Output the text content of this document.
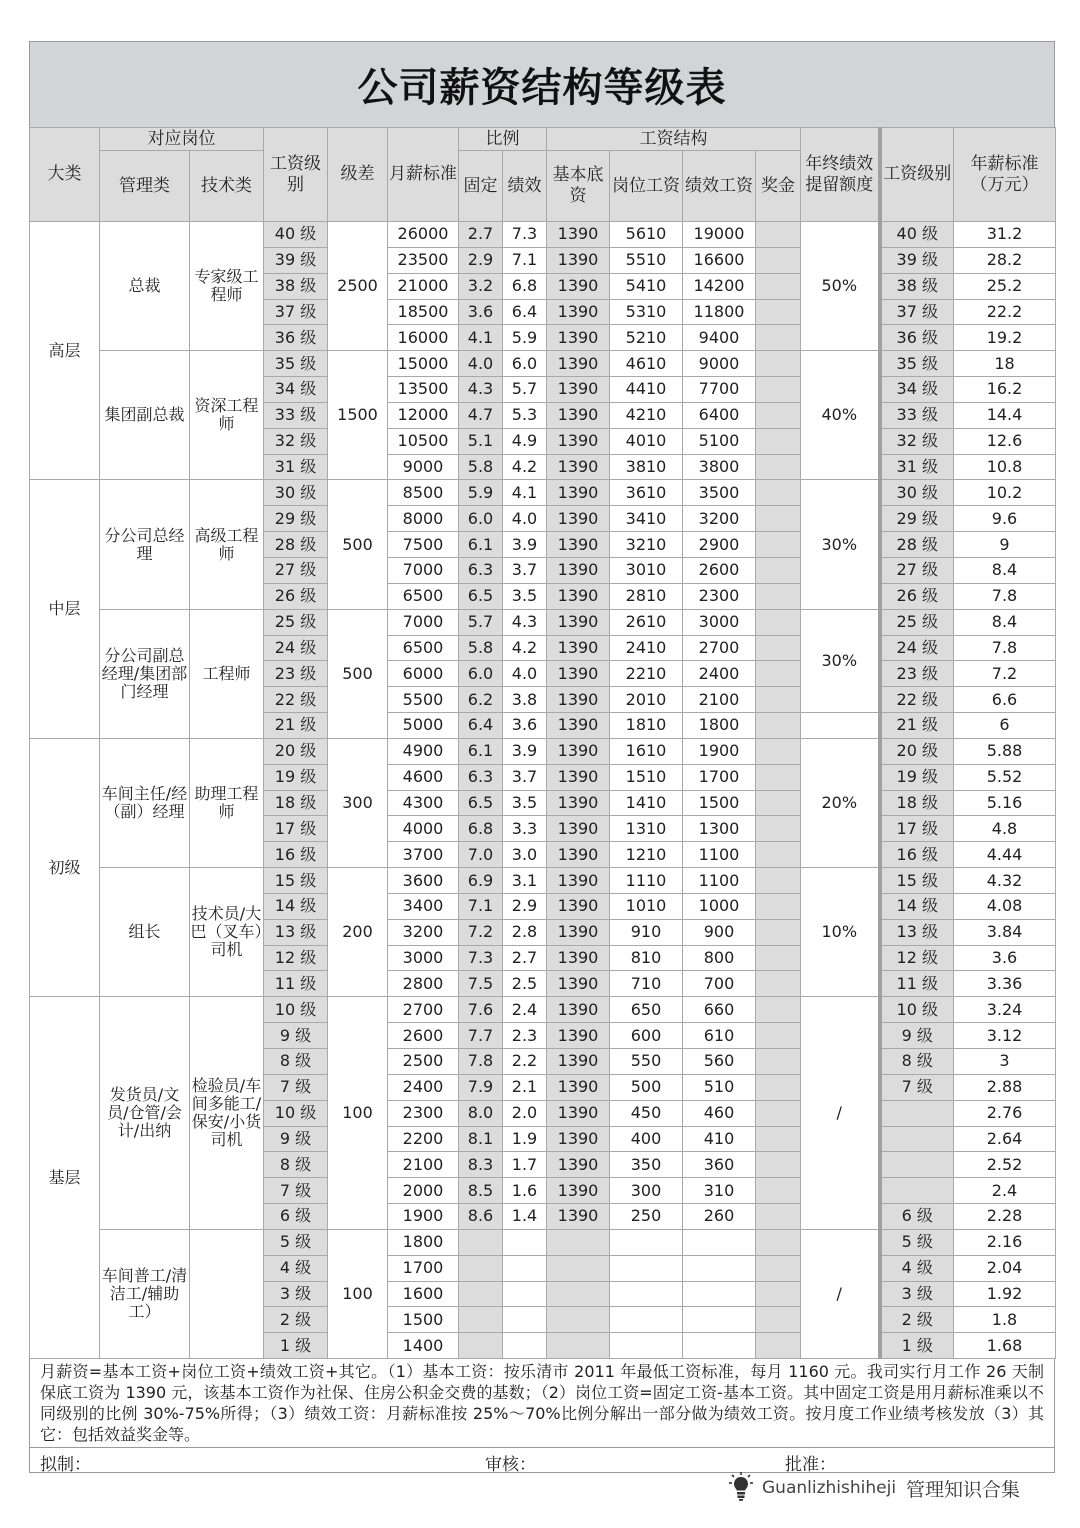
公司薪资结构等级表
大类	对应岗位		工资级别	级差	月薪标准	比例		工资结构				年终绩效提留额度	工资级别	年薪标准（万元）
	管理类	技术类				固定	绩效	基本底资	岗位工资	绩效工资	奖金			
高层	总裁	专家级工程师	40 级	2500	26000	2.7	7.3	1390	5610	19000		50%	40 级	31.2
			39 级		23500	2.9	7.1	1390	5510	16600			39 级	28.2
			38 级		21000	3.2	6.8	1390	5410	14200			38 级	25.2
			37 级		18500	3.6	6.4	1390	5310	11800			37 级	22.2
			36 级		16000	4.1	5.9	1390	5210	9400			36 级	19.2
	集团副总裁	资深工程师	35 级	1500	15000	4.0	6.0	1390	4610	9000		40%	35 级	18
			34 级		13500	4.3	5.7	1390	4410	7700			34 级	16.2
			33 级		12000	4.7	5.3	1390	4210	6400			33 级	14.4
			32 级		10500	5.1	4.9	1390	4010	5100			32 级	12.6
			31 级		9000	5.8	4.2	1390	3810	3800			31 级	10.8
中层	分公司总经理	高级工程师	30 级	500	8500	5.9	4.1	1390	3610	3500		30%	30 级	10.2
			29 级		8000	6.0	4.0	1390	3410	3200			29 级	9.6
			28 级		7500	6.1	3.9	1390	3210	2900			28 级	9
			27 级		7000	6.3	3.7	1390	3010	2600			27 级	8.4
			26 级		6500	6.5	3.5	1390	2810	2300			26 级	7.8
	分公司副总经理/集团部门经理	工程师	25 级	500	7000	5.7	4.3	1390	2610	3000		30%	25 级	8.4
			24 级		6500	5.8	4.2	1390	2410	2700			24 级	7.8
			23 级		6000	6.0	4.0	1390	2210	2400			23 级	7.2
			22 级		5500	6.2	3.8	1390	2010	2100			22 级	6.6
			21 级		5000	6.4	3.6	1390	1810	1800			21 级	6
初级	车间主任/经（副）经理	助理工程师	20 级	300	4900	6.1	3.9	1390	1610	1900		20%	20 级	5.88
			19 级		4600	6.3	3.7	1390	1510	1700			19 级	5.52
			18 级		4300	6.5	3.5	1390	1410	1500			18 级	5.16
			17 级		4000	6.8	3.3	1390	1310	1300			17 级	4.8
			16 级		3700	7.0	3.0	1390	1210	1100			16 级	4.44
	组长	技术员/大巴（叉车）司机	15 级	200	3600	6.9	3.1	1390	1110	1100		10%	15 级	4.32
			14 级		3400	7.1	2.9	1390	1010	1000			14 级	4.08
			13 级		3200	7.2	2.8	1390	910	900			13 级	3.84
			12 级		3000	7.3	2.7	1390	810	800			12 级	3.6
			11 级		2800	7.5	2.5	1390	710	700			11 级	3.36
基层	发货员/文员/仓管/会计/出纳	检验员/车间多能工/保安/小货司机	10 级	100	2700	7.6	2.4	1390	650	660		/	10 级	3.24
			9 级		2600	7.7	2.3	1390	600	610			9 级	3.12
			8 级		2500	7.8	2.2	1390	550	560			8 级	3
			7 级		2400	7.9	2.1	1390	500	510			7 级	2.88
			10 级		2300	8.0	2.0	1390	450	460				2.76
			9 级		2200	8.1	1.9	1390	400	410				2.64
			8 级		2100	8.3	1.7	1390	350	360				2.52
			7 级		2000	8.5	1.6	1390	300	310				2.4
			6 级		1900	8.6	1.4	1390	250	260			6 级	2.28
	车间普工/清洁工/辅助工）		5 级	100	1800							/	5 级	2.16
			4 级		1700								4 级	2.04
			3 级		1600								3 级	1.92
			2 级		1500								2 级	1.8
			1 级		1400								1 级	1.68
月薪资=基本工资+岗位工资+绩效工资+其它。（1）基本工资：按乐清市 2011 年最低工资标准，每月 1160 元。我司实行月工作 26 天制保底工资为 1390 元，该基本工资作为社保、住房公积金交费的基数；（2）岗位工资=固定工资-基本工资。其中固定工资是用月薪标准乘以不同级别的比例 30%-75%所得；（3）绩效工资：月薪标准按 25%～70%比例分解出一部分做为绩效工资。按月度工作业绩考核发放（3）其它：包括效益奖金等。
拟制：	审核：	批准：
Guanlizhishiheji 管理知识合集
